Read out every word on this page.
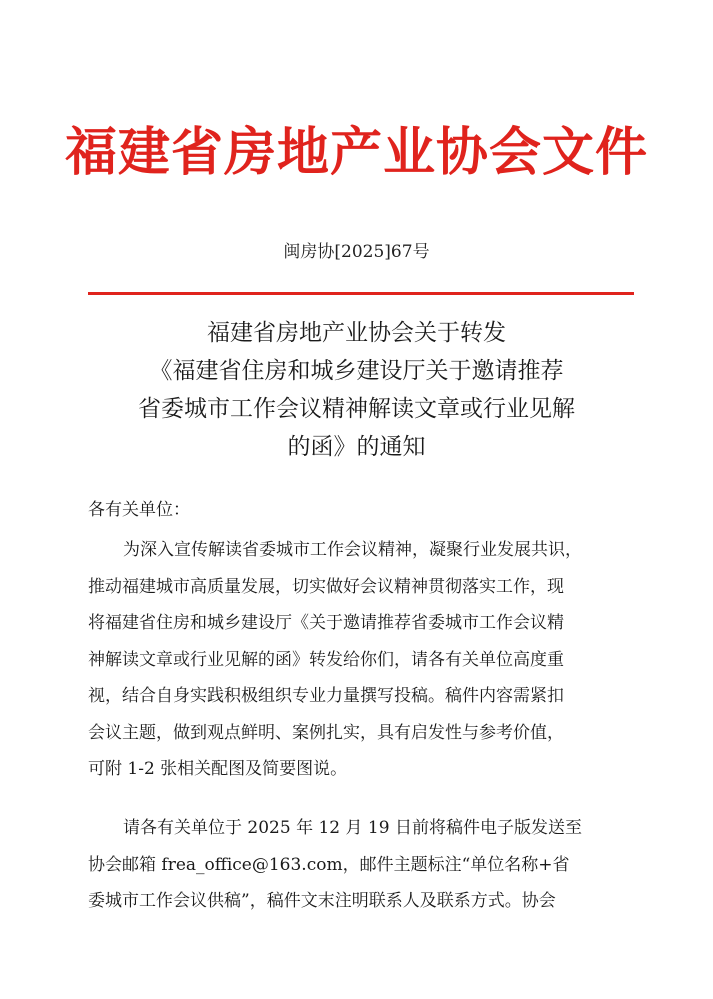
福建省房地产业协会文件
闽房协[2025]67号
福建省房地产业协会关于转发
《福建省住房和城乡建设厅关于邀请推荐
省委城市工作会议精神解读文章或行业见解
的函》的通知
各有关单位：
为深入宣传解读省委城市工作会议精神，凝聚行业发展共识，
推动福建城市高质量发展，切实做好会议精神贯彻落实工作，现
将福建省住房和城乡建设厅《关于邀请推荐省委城市工作会议精
神解读文章或行业见解的函》转发给你们，请各有关单位高度重
视，结合自身实践积极组织专业力量撰写投稿。稿件内容需紧扣
会议主题，做到观点鲜明、案例扎实，具有启发性与参考价值，
可附 1-2 张相关配图及简要图说。
请各有关单位于 2025 年 12 月 19 日前将稿件电子版发送至
协会邮箱 frea_office@163.com，邮件主题标注“单位名称+省
委城市工作会议供稿”，稿件文末注明联系人及联系方式。协会
